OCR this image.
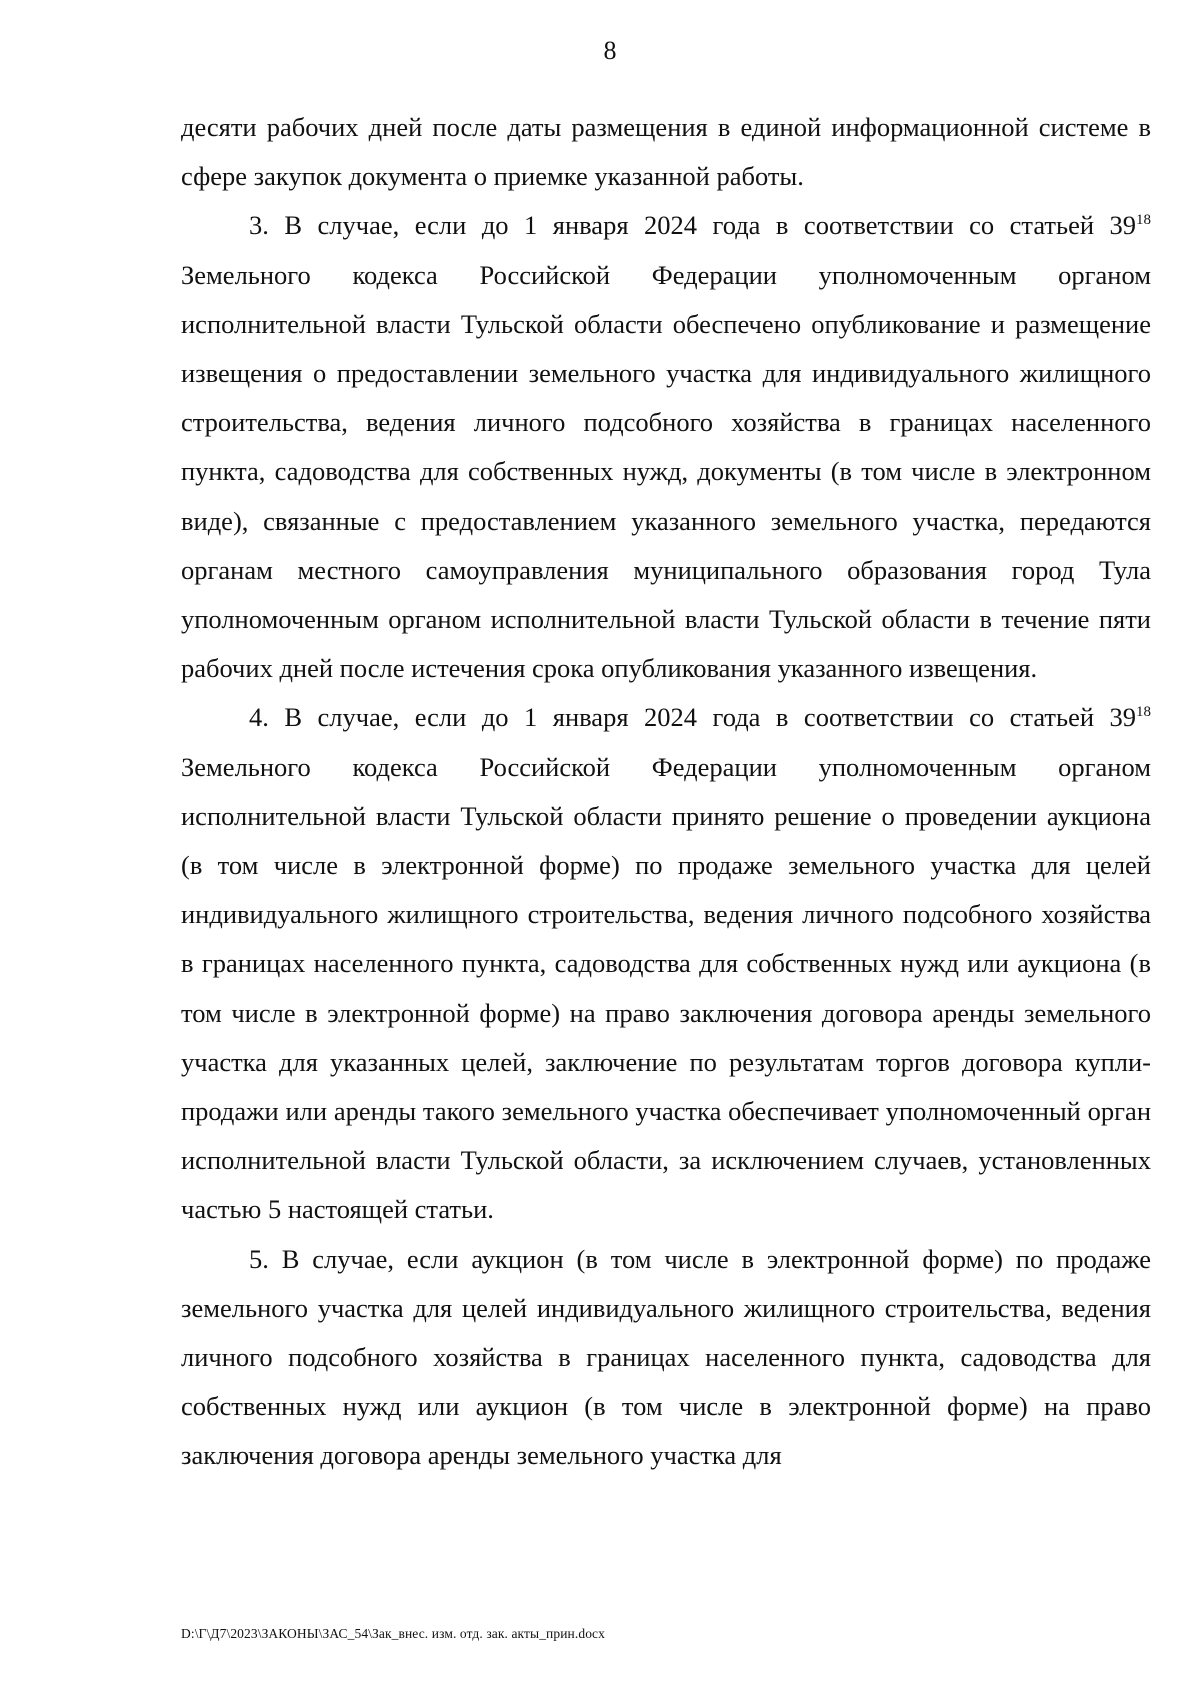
8

десяти рабочих дней после даты размещения в единой информационной системе в сфере закупок документа о приемке указанной работы.

3. В случае, если до 1 января 2024 года в соответствии со статьей $39^{18}$ Земельного кодекса Российской Федерации уполномоченным органом исполнительной власти Тульской области обеспечено опубликование и размещение извещения о предоставлении земельного участка для индивидуального жилищного строительства, ведения личного подсобного хозяйства в границах населенного пункта, садоводства для собственных нужд, документы (в том числе в электронном виде), связанные с предоставлением указанного земельного участка, передаются органам местного самоуправления муниципального образования город Тула уполномоченным органом исполнительной власти Тульской области в течение пяти рабочих дней после истечения срока опубликования указанного извещения.

4. В случае, если до 1 января 2024 года в соответствии со статьей $39^{18}$ Земельного кодекса Российской Федерации уполномоченным органом исполнительной власти Тульской области принято решение о проведении аукциона (в том числе в электронной форме) по продаже земельного участка для целей индивидуального жилищного строительства, ведения личного подсобного хозяйства в границах населенного пункта, садоводства для собственных нужд или аукциона (в том числе в электронной форме) на право заключения договора аренды земельного участка для указанных целей, заключение по результатам торгов договора купли-продажи или аренды такого земельного участка обеспечивает уполномоченный орган исполнительной власти Тульской области, за исключением случаев, установленных частью 5 настоящей статьи.

5. В случае, если аукцион (в том числе в электронной форме) по продаже земельного участка для целей индивидуального жилищного строительства, ведения личного подсобного хозяйства в границах населенного пункта, садоводства для собственных нужд или аукцион (в том числе в электронной форме) на право заключения договора аренды земельного участка для

D:\Г\Д7\2023\ЗАКОНЫ\ЗАС_54\Зак_внес. изм. отд. зак. акты_прин.docx
